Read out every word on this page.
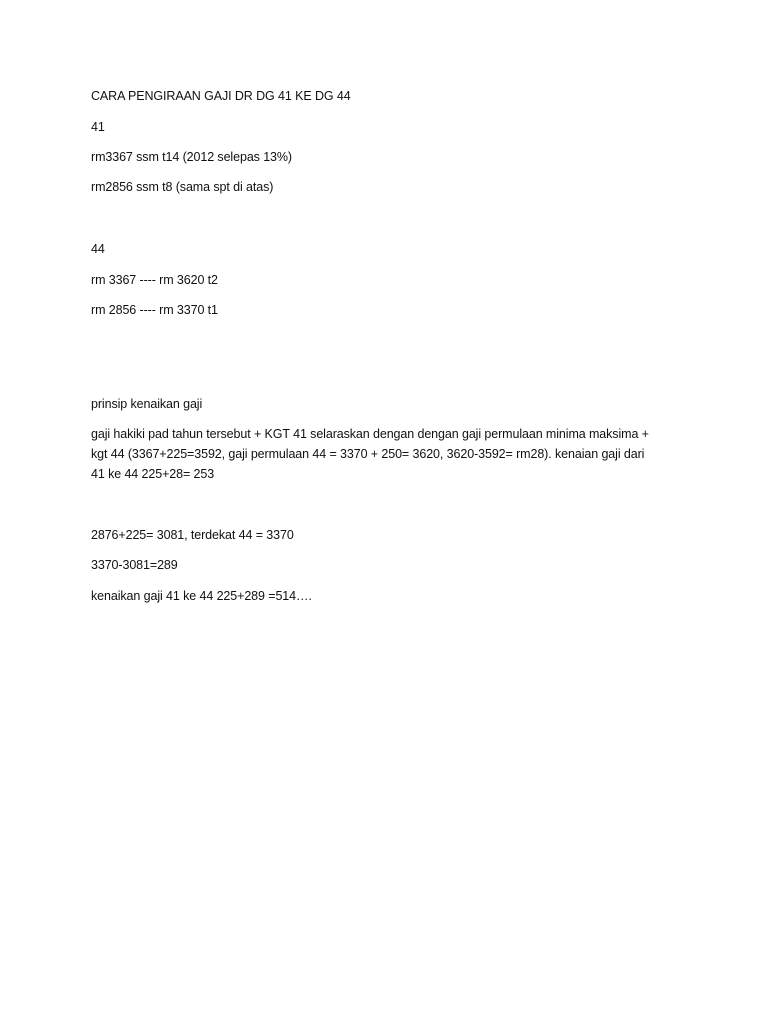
CARA PENGIRAAN GAJI DR DG 41 KE DG 44
41
rm3367 ssm t14 (2012 selepas 13%)
rm2856 ssm t8 (sama spt di atas)
44
rm 3367 ---- rm 3620 t2
rm 2856 ---- rm 3370 t1
prinsip kenaikan gaji
gaji hakiki pad tahun tersebut + KGT 41 selaraskan dengan dengan gaji permulaan minima maksima +
kgt 44 (3367+225=3592, gaji permulaan 44 = 3370 + 250= 3620, 3620-3592= rm28). kenaian gaji dari
41 ke 44 225+28= 253
2876+225= 3081, terdekat 44 = 3370
3370-3081=289
kenaikan gaji 41 ke 44 225+289 =514….
